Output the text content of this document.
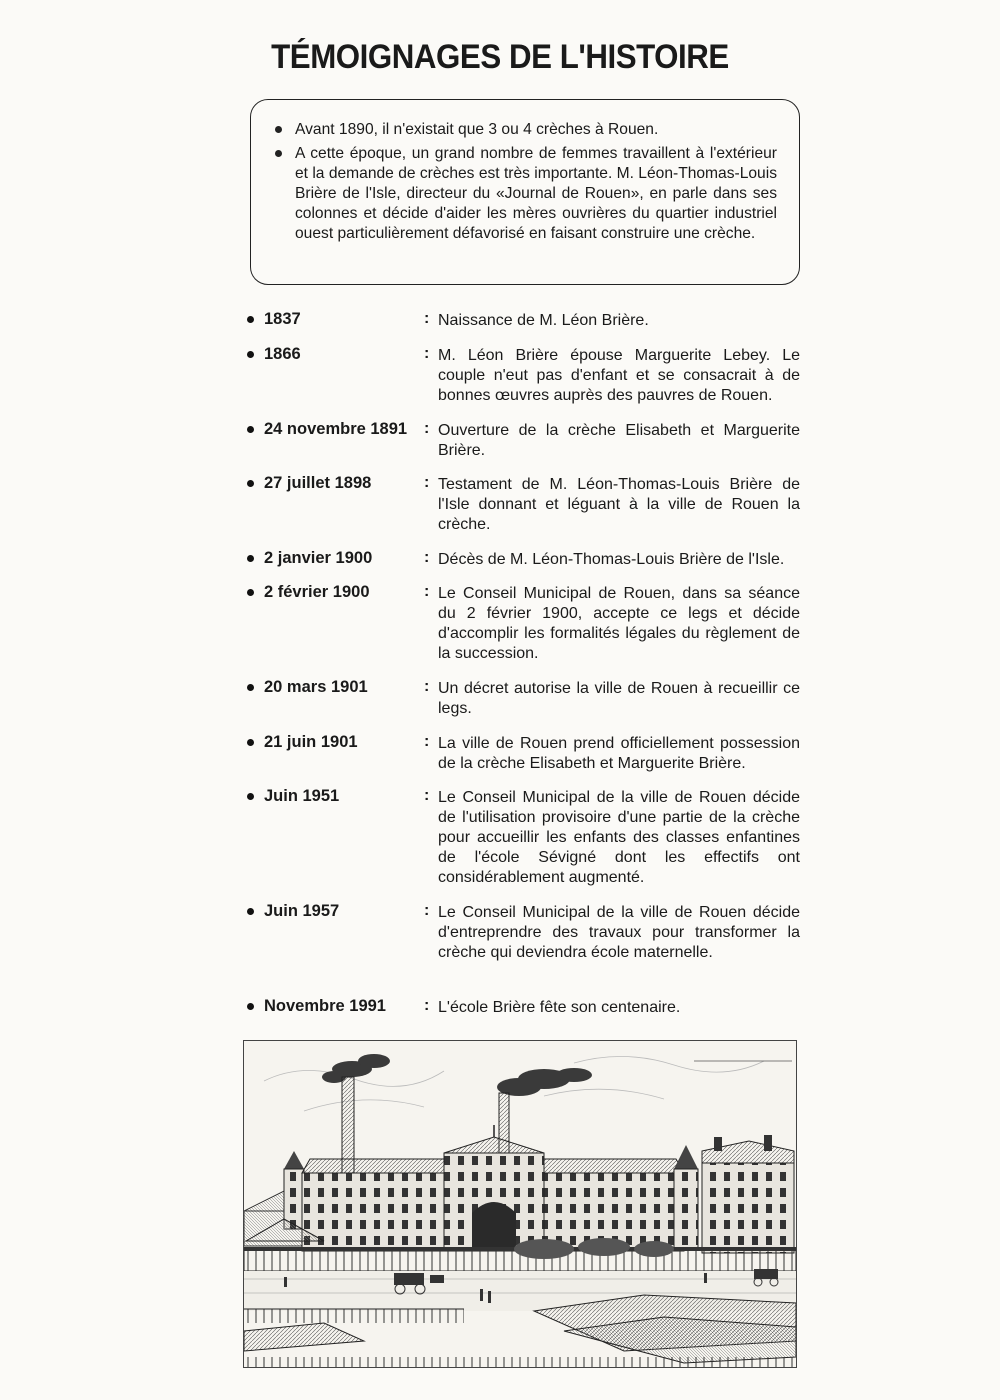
TÉMOIGNAGES DE L'HISTOIRE
Avant 1890, il n'existait que 3 ou 4 crèches à Rouen.
A cette époque, un grand nombre de femmes travaillent à l'extérieur et la demande de crèches est très importante. M. Léon-Thomas-Louis Brière de l'Isle, directeur du «Journal de Rouen», en parle dans ses colonnes et décide d'aider les mères ouvrières du quartier industriel ouest particulièrement défavorisé en faisant construire une crèche.
1837	: Naissance de M. Léon Brière.
1866	: M. Léon Brière épouse Marguerite Lebey. Le couple n'eut pas d'enfant et se consacrait à de bonnes œuvres auprès des pauvres de Rouen.
24 novembre 1891 : Ouverture de la crèche Elisabeth et Marguerite Brière.
27 juillet 1898	: Testament de M. Léon-Thomas-Louis Brière de l'Isle donnant et léguant à la ville de Rouen la crèche.
2 janvier 1900	: Décès de M. Léon-Thomas-Louis Brière de l'Isle.
2 février 1900	: Le Conseil Municipal de Rouen, dans sa séance du 2 février 1900, accepte ce legs et décide d'accomplir les formalités légales du règlement de la succession.
20 mars 1901	: Un décret autorise la ville de Rouen à recueillir ce legs.
21 juin 1901	: La ville de Rouen prend officiellement possession de la crèche Elisabeth et Marguerite Brière.
Juin 1951	: Le Conseil Municipal de la ville de Rouen décide de l'utilisation provisoire d'une partie de la crèche pour accueillir les enfants des classes enfantines de l'école Sévigné dont les effectifs ont considérablement augmenté.
Juin 1957	: Le Conseil Municipal de la ville de Rouen décide d'entreprendre des travaux pour transformer la crèche qui deviendra école maternelle.
Novembre 1991 : L'école Brière fête son centenaire.
